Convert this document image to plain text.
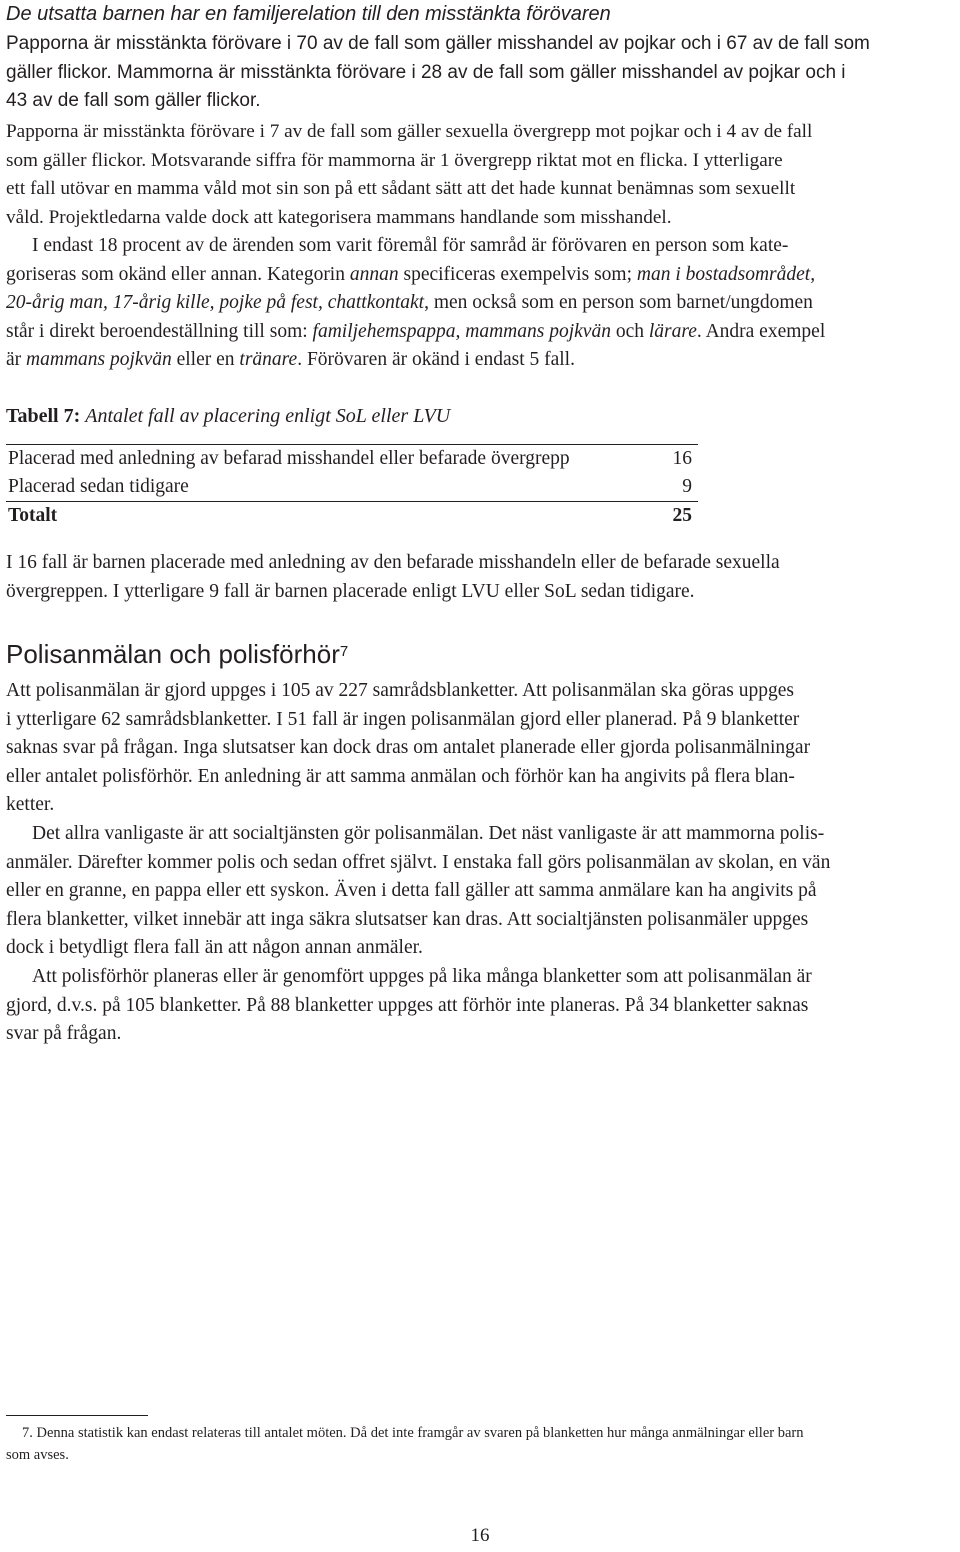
De utsatta barnen har en familjerelation till den misstänkta förövaren
Papporna är misstänkta förövare i 70 av de fall som gäller misshandel av pojkar och i 67 av de fall som
gäller flickor. Mammorna är misstänkta förövare i 28 av de fall som gäller misshandel av pojkar och i
43 av de fall som gäller flickor.
Papporna är misstänkta förövare i 7 av de fall som gäller sexuella övergrepp mot pojkar och i 4 av de fall
som gäller flickor. Motsvarande siffra för mammorna är 1 övergrepp riktat mot en flicka. I ytterligare
ett fall utövar en mamma våld mot sin son på ett sådant sätt att det hade kunnat benämnas som sexuellt
våld. Projektledarna valde dock att kategorisera mammans handlande som misshandel.
I endast 18 procent av de ärenden som varit föremål för samråd är förövaren en person som kate-
goriseras som okänd eller annan. Kategorin annan specificeras exempelvis som; man i bostadsområdet,
20-årig man, 17-årig kille, pojke på fest, chattkontakt, men också som en person som barnet/ungdomen
står i direkt beroendeställning till som: familjehemspappa, mammans pojkvän och lärare. Andra exempel
är mammans pojkvän eller en tränare. Förövaren är okänd i endast 5 fall.

Tabell 7: Antalet fall av placering enligt SoL eller LVU

Placerad med anledning av befarad misshandel eller befarade övergrepp	16
Placerad sedan tidigare	9
Totalt	25
I 16 fall är barnen placerade med anledning av den befarade misshandeln eller de befarade sexuella
övergreppen. I ytterligare 9 fall är barnen placerade enligt LVU eller SoL sedan tidigare.
Polisanmälan och polisförhör$^7$
Att polisanmälan är gjord uppges i 105 av 227 samrådsblanketter. Att polisanmälan ska göras uppges
i ytterligare 62 samrådsblanketter. I 51 fall är ingen polisanmälan gjord eller planerad. På 9 blanketter
saknas svar på frågan. Inga slutsatser kan dock dras om antalet planerade eller gjorda polisanmälningar
eller antalet polisförhör. En anledning är att samma anmälan och förhör kan ha angivits på flera blan-
ketter.
Det allra vanligaste är att socialtjänsten gör polisanmälan. Det näst vanligaste är att mammorna polis-
anmäler. Därefter kommer polis och sedan offret självt. I enstaka fall görs polisanmälan av skolan, en vän
eller en granne, en pappa eller ett syskon. Även i detta fall gäller att samma anmälare kan ha angivits på
flera blanketter, vilket innebär att inga säkra slutsatser kan dras. Att socialtjänsten polisanmäler uppges
dock i betydligt flera fall än att någon annan anmäler.
Att polisförhör planeras eller är genomfört uppges på lika många blanketter som att polisanmälan är
gjord, d.v.s. på 105 blanketter. På 88 blanketter uppges att förhör inte planeras. På 34 blanketter saknas
svar på frågan.
7. Denna statistik kan endast relateras till antalet möten. Då det inte framgår av svaren på blanketten hur många anmälningar eller barn
som avses.

16
